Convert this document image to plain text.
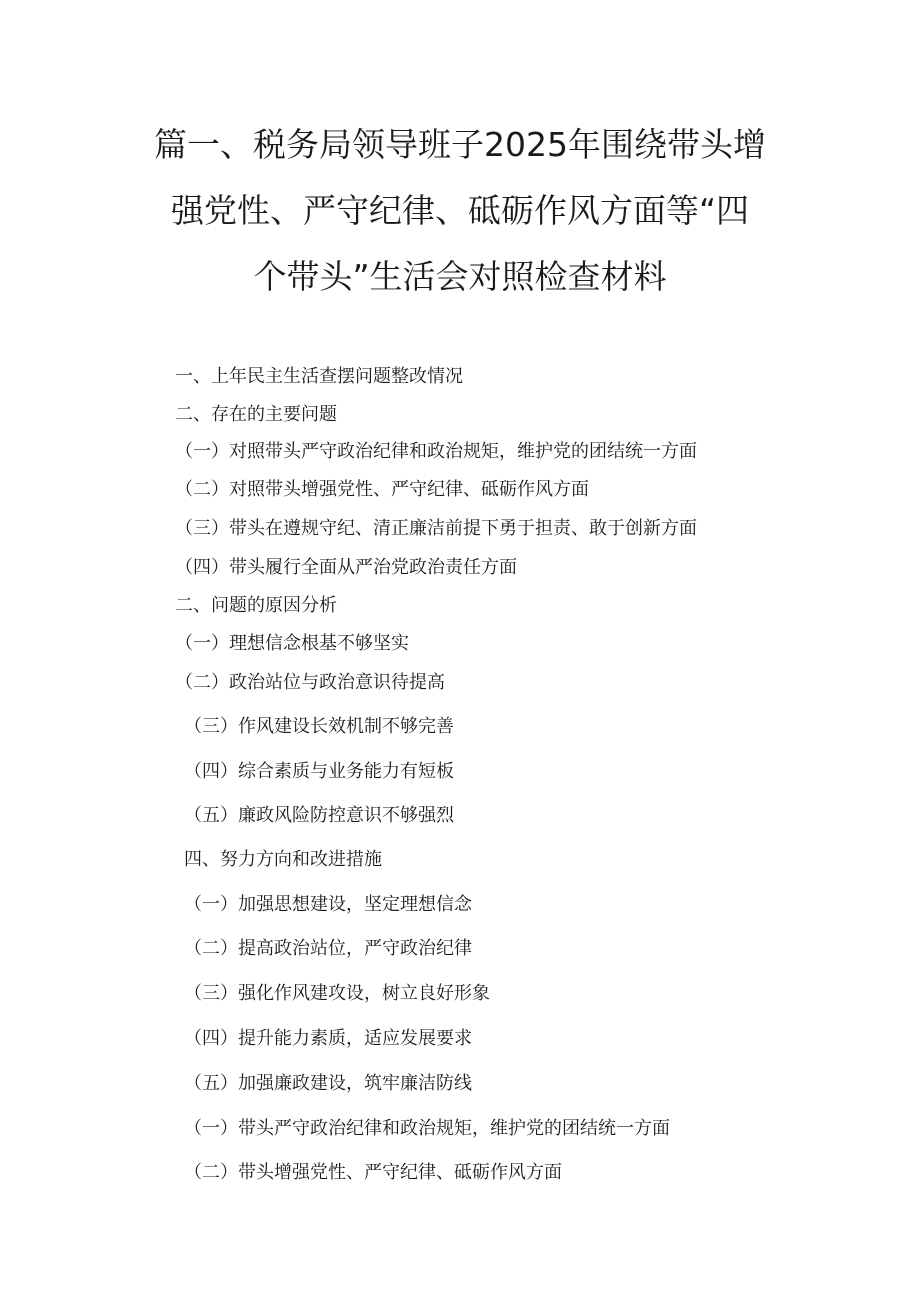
篇一、税务局领导班子2025年围绕带头增
强党性、严守纪律、砥砺作风方面等“四
个带头”生活会对照检查材料

一、上年民主生活查摆问题整改情况

二、存在的主要问题

（一）对照带头严守政治纪律和政治规矩，维护党的团结统一方面

（二）对照带头增强党性、严守纪律、砥砺作风方面

（三）带头在遵规守纪、清正廉洁前提下勇于担责、敢于创新方面

（四）带头履行全面从严治党政治责任方面

二、问题的原因分析

（一）理想信念根基不够坚实

（二）政治站位与政治意识待提高

（三）作风建设长效机制不够完善

（四）综合素质与业务能力有短板

（五）廉政风险防控意识不够强烈

四、努力方向和改进措施

（一）加强思想建设，坚定理想信念

（二）提高政治站位，严守政治纪律

（三）强化作风建攻设，树立良好形象

（四）提升能力素质，适应发展要求

（五）加强廉政建设，筑牢廉洁防线

（一）带头严守政治纪律和政治规矩，维护党的团结统一方面

（二）带头增强党性、严守纪律、砥砺作风方面
